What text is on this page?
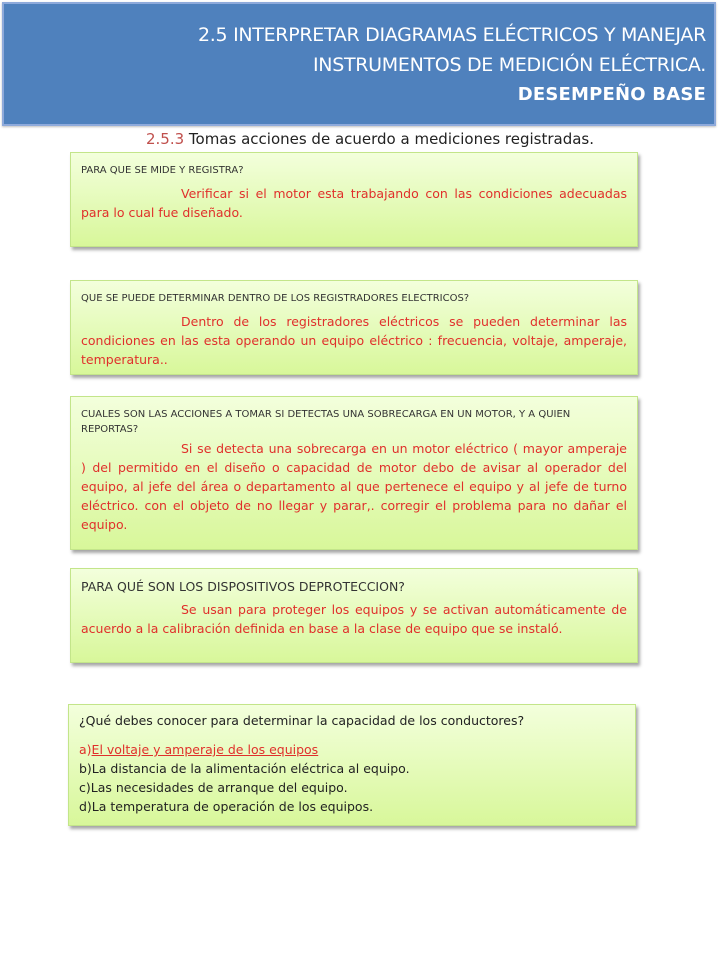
2.5 INTERPRETAR DIAGRAMAS ELÉCTRICOS Y MANEJAR
INSTRUMENTOS DE MEDICIÓN ELÉCTRICA.
DESEMPEÑO BASE
2.5.3 Tomas acciones de acuerdo a mediciones registradas.
PARA QUE SE MIDE Y REGISTRA?
Verificar si el motor esta trabajando con las condiciones adecuadas para lo cual fue diseñado.
QUE SE PUEDE DETERMINAR DENTRO DE LOS REGISTRADORES ELECTRICOS?
Dentro de los registradores eléctricos se pueden determinar las condiciones en las esta operando un equipo eléctrico : frecuencia, voltaje, amperaje, temperatura..
CUALES SON LAS ACCIONES A TOMAR SI DETECTAS UNA SOBRECARGA EN UN MOTOR, Y A QUIEN REPORTAS?
Si se detecta una sobrecarga en un motor eléctrico ( mayor amperaje ) del permitido en el diseño o capacidad de motor debo de avisar al operador del equipo, al jefe del área o departamento al que pertenece el equipo y al jefe de turno eléctrico. con el objeto de no llegar y parar,. corregir el problema para no dañar el equipo.
PARA QUÉ SON LOS DISPOSITIVOS DEPROTECCION?
Se usan para proteger los equipos y se activan automáticamente de acuerdo a la calibración definida en base a la clase de equipo que se instaló.
¿Qué debes conocer para determinar la capacidad de los conductores?
a)El voltaje y amperaje de los equipos
b)La distancia de la alimentación eléctrica al equipo.
c)Las necesidades de arranque del equipo.
d)La temperatura de operación de los equipos.
